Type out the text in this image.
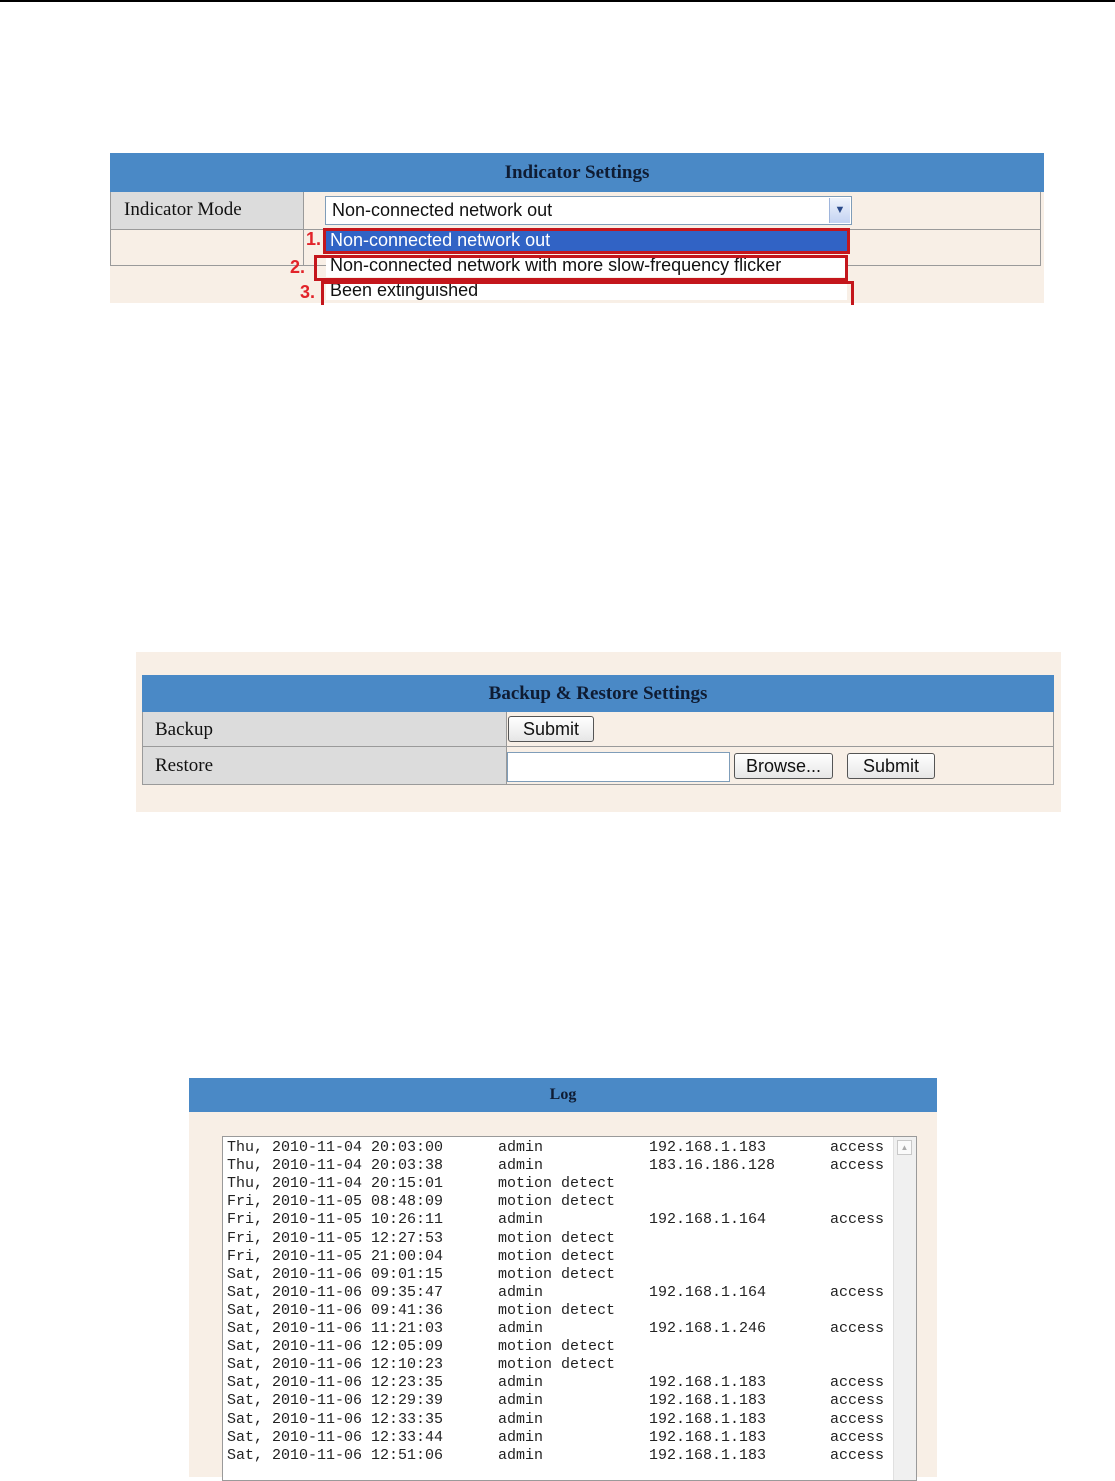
Indicator Settings
Indicator Mode	Non-connected network out	▼
Non-connected network out
Non-connected network with more slow-frequency flicker
Been extinguished
1.
2.
3.
Backup & Restore Settings
Backup	Submit
Restore	Browse...	Submit
Log
Thu, 2010-11-04 20:03:00	admin	192.168.1.183	access
Thu, 2010-11-04 20:03:38	admin	183.16.186.128	access
Thu, 2010-11-04 20:15:01	motion detect
Fri, 2010-11-05 08:48:09	motion detect
Fri, 2010-11-05 10:26:11	admin	192.168.1.164	access
Fri, 2010-11-05 12:27:53	motion detect
Fri, 2010-11-05 21:00:04	motion detect
Sat, 2010-11-06 09:01:15	motion detect
Sat, 2010-11-06 09:35:47	admin	192.168.1.164	access
Sat, 2010-11-06 09:41:36	motion detect
Sat, 2010-11-06 11:21:03	admin	192.168.1.246	access
Sat, 2010-11-06 12:05:09	motion detect
Sat, 2010-11-06 12:10:23	motion detect
Sat, 2010-11-06 12:23:35	admin	192.168.1.183	access
Sat, 2010-11-06 12:29:39	admin	192.168.1.183	access
Sat, 2010-11-06 12:33:35	admin	192.168.1.183	access
Sat, 2010-11-06 12:33:44	admin	192.168.1.183	access
Sat, 2010-11-06 12:51:06	admin	192.168.1.183	access
▲
